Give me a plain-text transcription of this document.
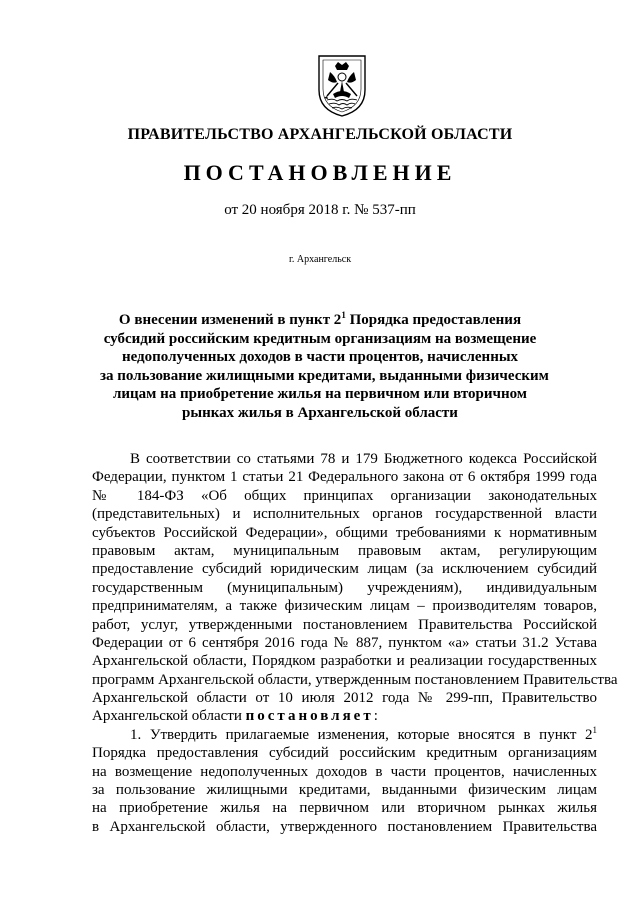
ПРАВИТЕЛЬСТВО АРХАНГЕЛЬСКОЙ ОБЛАСТИ
ПОСТАНОВЛЕНИЕ
от 20 ноября 2018 г. № 537-пп
г. Архангельск
О внесении изменений в пункт $2^1$ Порядка предоставления
субсидий российским кредитным организациям на возмещение
недополученных доходов в части процентов, начисленных
за пользование жилищными кредитами, выданными физическим
лицам на приобретение жилья на первичном или вторичном
рынках жилья в Архангельской области
В соответствии со статьями 78 и 179 Бюджетного кодекса Российской
Федерации, пунктом 1 статьи 21 Федерального закона от 6 октября 1999 года
№ 184-ФЗ «Об общих принципах организации законодательных
(представительных) и исполнительных органов государственной власти
субъектов Российской Федерации», общими требованиями к нормативным
правовым актам, муниципальным правовым актам, регулирующим
предоставление субсидий юридическим лицам (за исключением субсидий
государственным (муниципальным) учреждениям), индивидуальным
предпринимателям, а также физическим лицам – производителям товаров,
работ, услуг, утвержденными постановлением Правительства Российской
Федерации от 6 сентября 2016 года № 887, пунктом «а» статьи 31.2 Устава
Архангельской области, Порядком разработки и реализации государственных
программ Архангельской области, утвержденным постановлением Правительства
Архангельской области от 10 июля 2012 года № 299-пп, Правительство
Архангельской области постановляет:
1. Утвердить прилагаемые изменения, которые вносятся в пункт $2^1$
Порядка предоставления субсидий российским кредитным организациям
на возмещение недополученных доходов в части процентов, начисленных
за пользование жилищными кредитами, выданными физическим лицам
на приобретение жилья на первичном или вторичном рынках жилья
в Архангельской области, утвержденного постановлением Правительства
